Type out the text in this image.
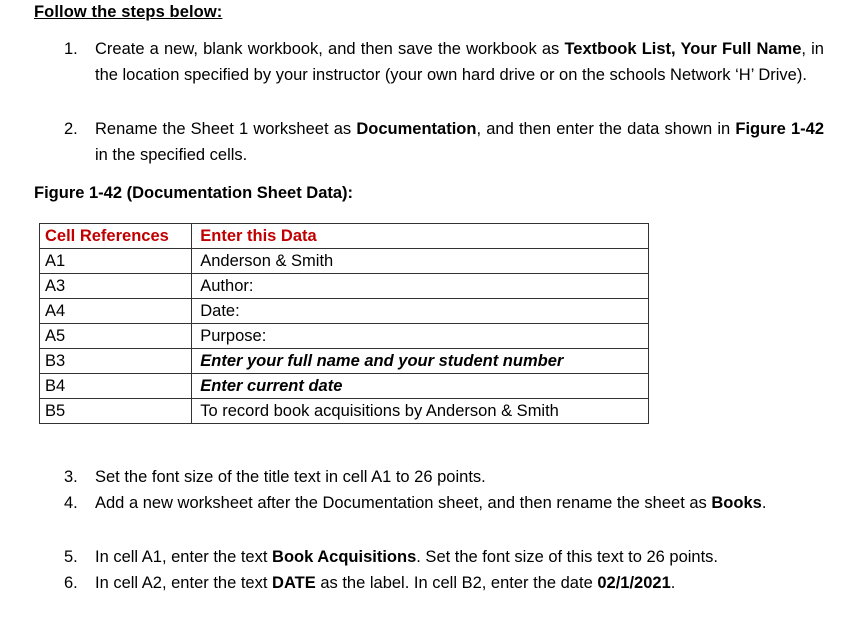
Follow the steps below:
1. Create a new, blank workbook, and then save the workbook as Textbook List, Your Full Name, in the location specified by your instructor (your own hard drive or on the schools Network ‘H’ Drive).
2. Rename the Sheet 1 worksheet as Documentation, and then enter the data shown in Figure 1-42 in the specified cells.
Figure 1-42 (Documentation Sheet Data):
Cell References	Enter this Data
A1	Anderson & Smith
A3	Author:
A4	Date:
A5	Purpose:
B3	Enter your full name and your student number
B4	Enter current date
B5	To record book acquisitions by Anderson & Smith
3. Set the font size of the title text in cell A1 to 26 points.
4. Add a new worksheet after the Documentation sheet, and then rename the sheet as Books.
5. In cell A1, enter the text Book Acquisitions. Set the font size of this text to 26 points.
6. In cell A2, enter the text DATE as the label. In cell B2, enter the date 02/1/2021.
